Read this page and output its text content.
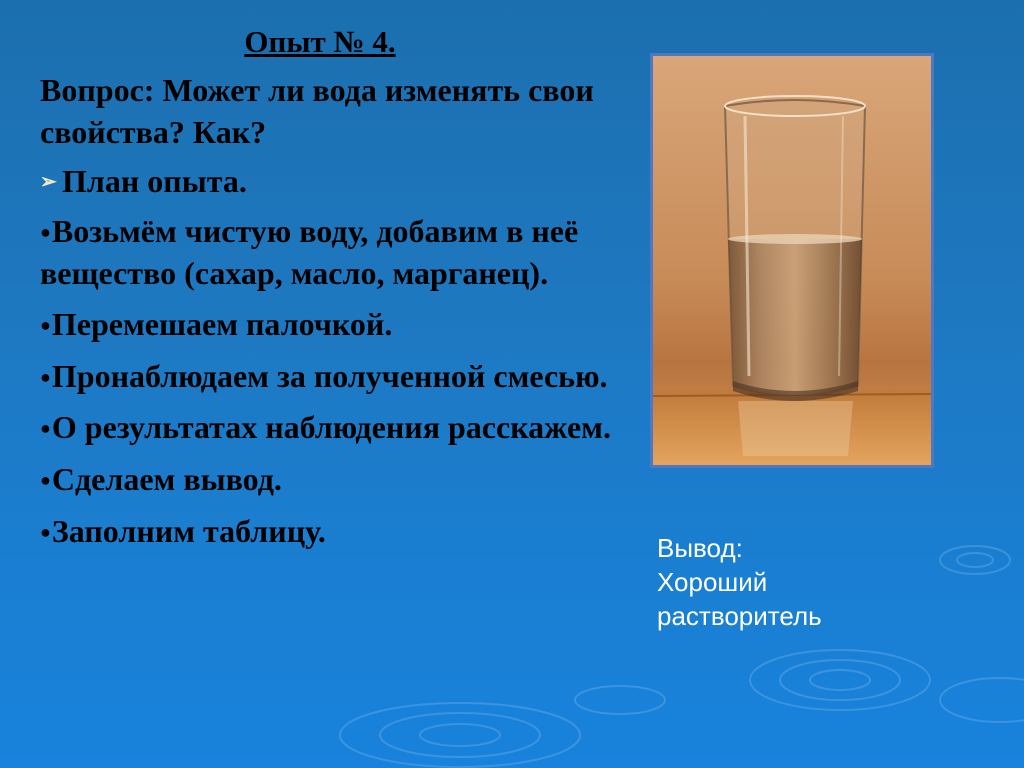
Опыт № 4.
Вопрос: Может ли вода изменять свои свойства? Как?
➢ План опыта.
●Возьмём чистую воду, добавим в неё вещество (сахар, масло, марганец).
●Перемешаем палочкой.
●Пронаблюдаем за полученной смесью.
●О результатах наблюдения расскажем.
●Сделаем вывод.
●Заполним таблицу.	Вывод:
Хороший
растворитель
